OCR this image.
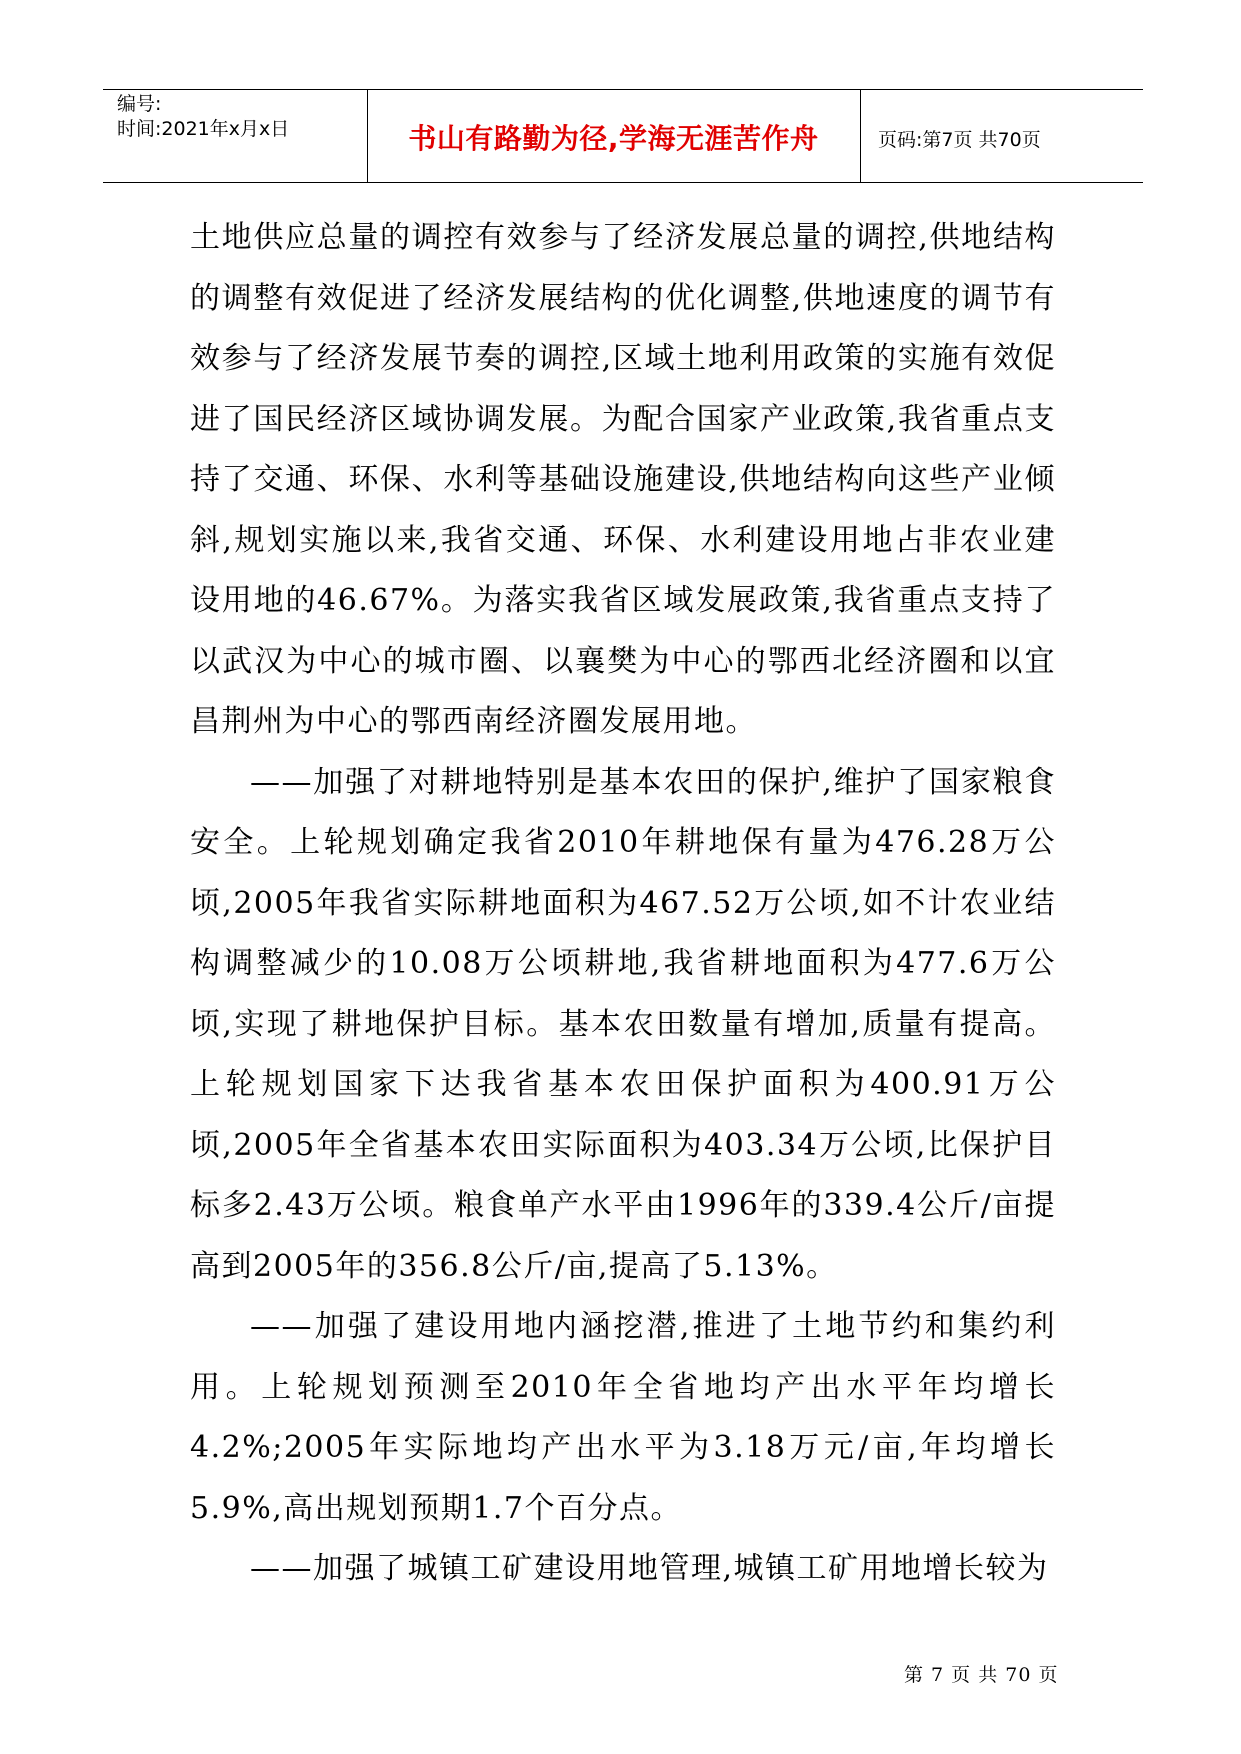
编号:
时间:2021年x月x日	书山有路勤为径,学海无涯苦作舟	页码:第7页 共70页

土地供应总量的调控有效参与了经济发展总量的调控,供地结构的调整有效促进了经济发展结构的优化调整,供地速度的调节有效参与了经济发展节奏的调控,区域土地利用政策的实施有效促进了国民经济区域协调发展。为配合国家产业政策,我省重点支持了交通、环保、水利等基础设施建设,供地结构向这些产业倾斜,规划实施以来,我省交通、环保、水利建设用地占非农业建设用地的46.67%。为落实我省区域发展政策,我省重点支持了以武汉为中心的城市圈、以襄樊为中心的鄂西北经济圈和以宜昌荆州为中心的鄂西南经济圈发展用地。

——加强了对耕地特别是基本农田的保护,维护了国家粮食安全。上轮规划确定我省2010年耕地保有量为476.28万公顷,2005年我省实际耕地面积为467.52万公顷,如不计农业结构调整减少的10.08万公顷耕地,我省耕地面积为477.6万公顷,实现了耕地保护目标。基本农田数量有增加,质量有提高。上轮规划国家下达我省基本农田保护面积为400.91万公顷,2005年全省基本农田实际面积为403.34万公顷,比保护目标多2.43万公顷。粮食单产水平由1996年的339.4公斤/亩提高到2005年的356.8公斤/亩,提高了5.13%。

——加强了建设用地内涵挖潜,推进了土地节约和集约利用。上轮规划预测至2010年全省地均产出水平年均增长4.2%;2005年实际地均产出水平为3.18万元/亩,年均增长5.9%,高出规划预期1.7个百分点。

——加强了城镇工矿建设用地管理,城镇工矿用地增长较为

第 7 页 共 70 页
